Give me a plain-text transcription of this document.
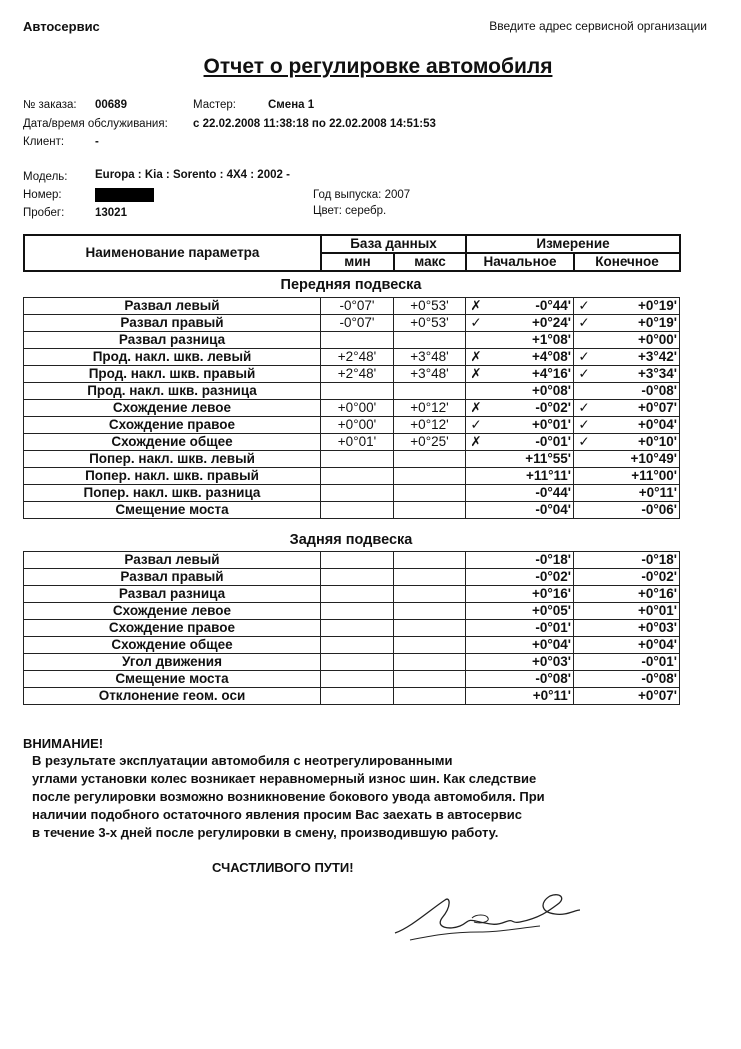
Автосервис	Введите адрес сервисной организации
Отчет о регулировке автомобиля
№ заказа: 00689	Мастер:	Смена 1
Дата/время обслуживания: с 22.02.2008 11:38:18 по 22.02.2008 14:51:53
Клиент:	-
Модель: Europa : Kia : Sorento : 4X4 : 2002 -
Номер:	Год выпуска: 2007
Пробег:	13021	Цвет: серебр.
Наименование параметра	База данных		Измерение	
	мин	макс	Начальное	Конечное
Передняя подвеска
Развал левый	-0°07'	+0°53'	✗ -0°44'	✓ +0°19'
Развал правый	-0°07'	+0°53'	✓ +0°24'	✓ +0°19'
Развал разница			+1°08'	+0°00'
Прод. накл. шкв. левый	+2°48'	+3°48'	✗ +4°08'	✓ +3°42'
Прод. накл. шкв. правый	+2°48'	+3°48'	✗ +4°16'	✓ +3°34'
Прод. накл. шкв. разница			+0°08'	-0°08'
Схождение левое	+0°00'	+0°12'	✗ -0°02'	✓ +0°07'
Схождение правое	+0°00'	+0°12'	✓ +0°01'	✓ +0°04'
Схождение общее	+0°01'	+0°25'	✗ -0°01'	✓ +0°10'
Попер. накл. шкв. левый			+11°55'	+10°49'
Попер. накл. шкв. правый			+11°11'	+11°00'
Попер. накл. шкв. разница			-0°44'	+0°11'
Смещение моста			-0°04'	-0°06'
Задняя подвеска
Развал левый			-0°18'	-0°18'
Развал правый			-0°02'	-0°02'
Развал разница			+0°16'	+0°16'
Схождение левое			+0°05'	+0°01'
Схождение правое			-0°01'	+0°03'
Схождение общее			+0°04'	+0°04'
Угол движения			+0°03'	-0°01'
Смещение моста			-0°08'	-0°08'
Отклонение геом. оси			+0°11'	+0°07'
ВНИМАНИЕ!
В результате эксплуатации автомобиля с неотрегулированными
углами установки колес возникает неравномерный износ шин. Как следствие
после регулировки возможно возникновение бокового увода автомобиля. При
наличии подобного остаточного явления просим Вас заехать в автосервис
в течение 3-х дней после регулировки в смену, производившую работу.
СЧАСТЛИВОГО ПУТИ!
